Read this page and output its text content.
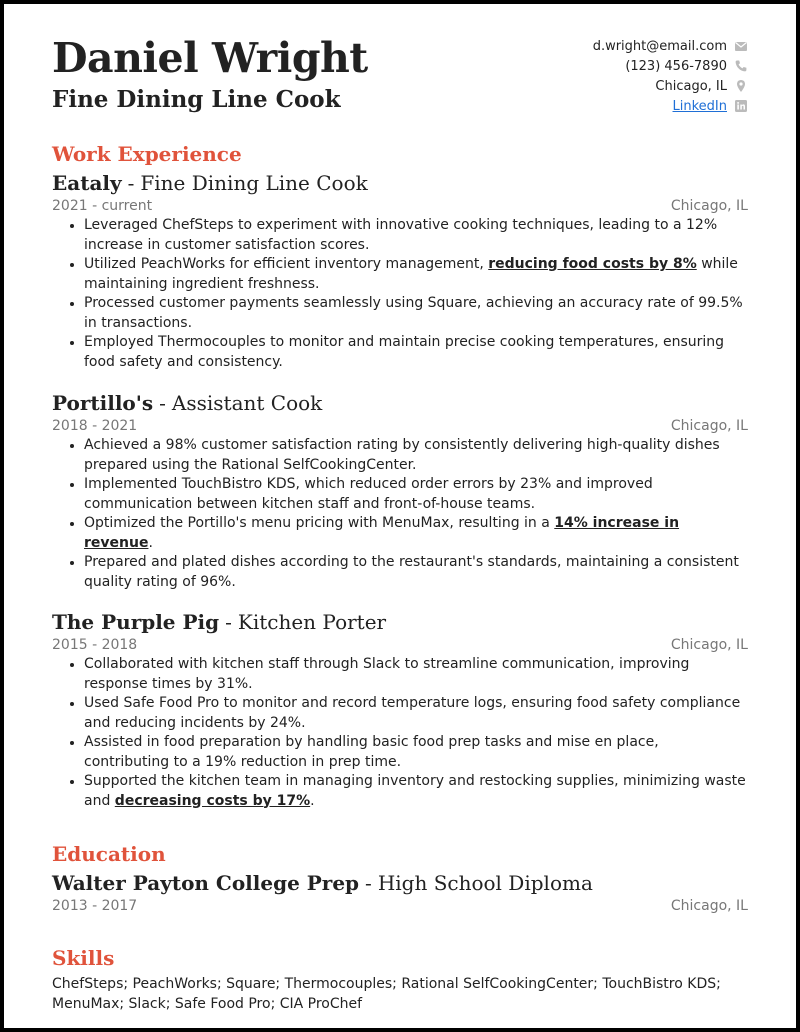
Daniel Wright
Fine Dining Line Cook
d.wright@email.com
(123) 456-7890
Chicago, IL
LinkedIn
Work Experience
Eataly - Fine Dining Line Cook
2021 - current	Chicago, IL
• Leveraged ChefSteps to experiment with innovative cooking techniques, leading to a 12% increase in customer satisfaction scores.
• Utilized PeachWorks for efficient inventory management, reducing food costs by 8% while maintaining ingredient freshness.
• Processed customer payments seamlessly using Square, achieving an accuracy rate of 99.5% in transactions.
• Employed Thermocouples to monitor and maintain precise cooking temperatures, ensuring food safety and consistency.
Portillo's - Assistant Cook
2018 - 2021	Chicago, IL
• Achieved a 98% customer satisfaction rating by consistently delivering high-quality dishes prepared using the Rational SelfCookingCenter.
• Implemented TouchBistro KDS, which reduced order errors by 23% and improved communication between kitchen staff and front-of-house teams.
• Optimized the Portillo's menu pricing with MenuMax, resulting in a 14% increase in revenue.
• Prepared and plated dishes according to the restaurant's standards, maintaining a consistent quality rating of 96%.
The Purple Pig - Kitchen Porter
2015 - 2018	Chicago, IL
• Collaborated with kitchen staff through Slack to streamline communication, improving response times by 31%.
• Used Safe Food Pro to monitor and record temperature logs, ensuring food safety compliance and reducing incidents by 24%.
• Assisted in food preparation by handling basic food prep tasks and mise en place, contributing to a 19% reduction in prep time.
• Supported the kitchen team in managing inventory and restocking supplies, minimizing waste and decreasing costs by 17%.
Education
Walter Payton College Prep - High School Diploma
2013 - 2017	Chicago, IL
Skills
ChefSteps; PeachWorks; Square; Thermocouples; Rational SelfCookingCenter; TouchBistro KDS; MenuMax; Slack; Safe Food Pro; CIA ProChef
